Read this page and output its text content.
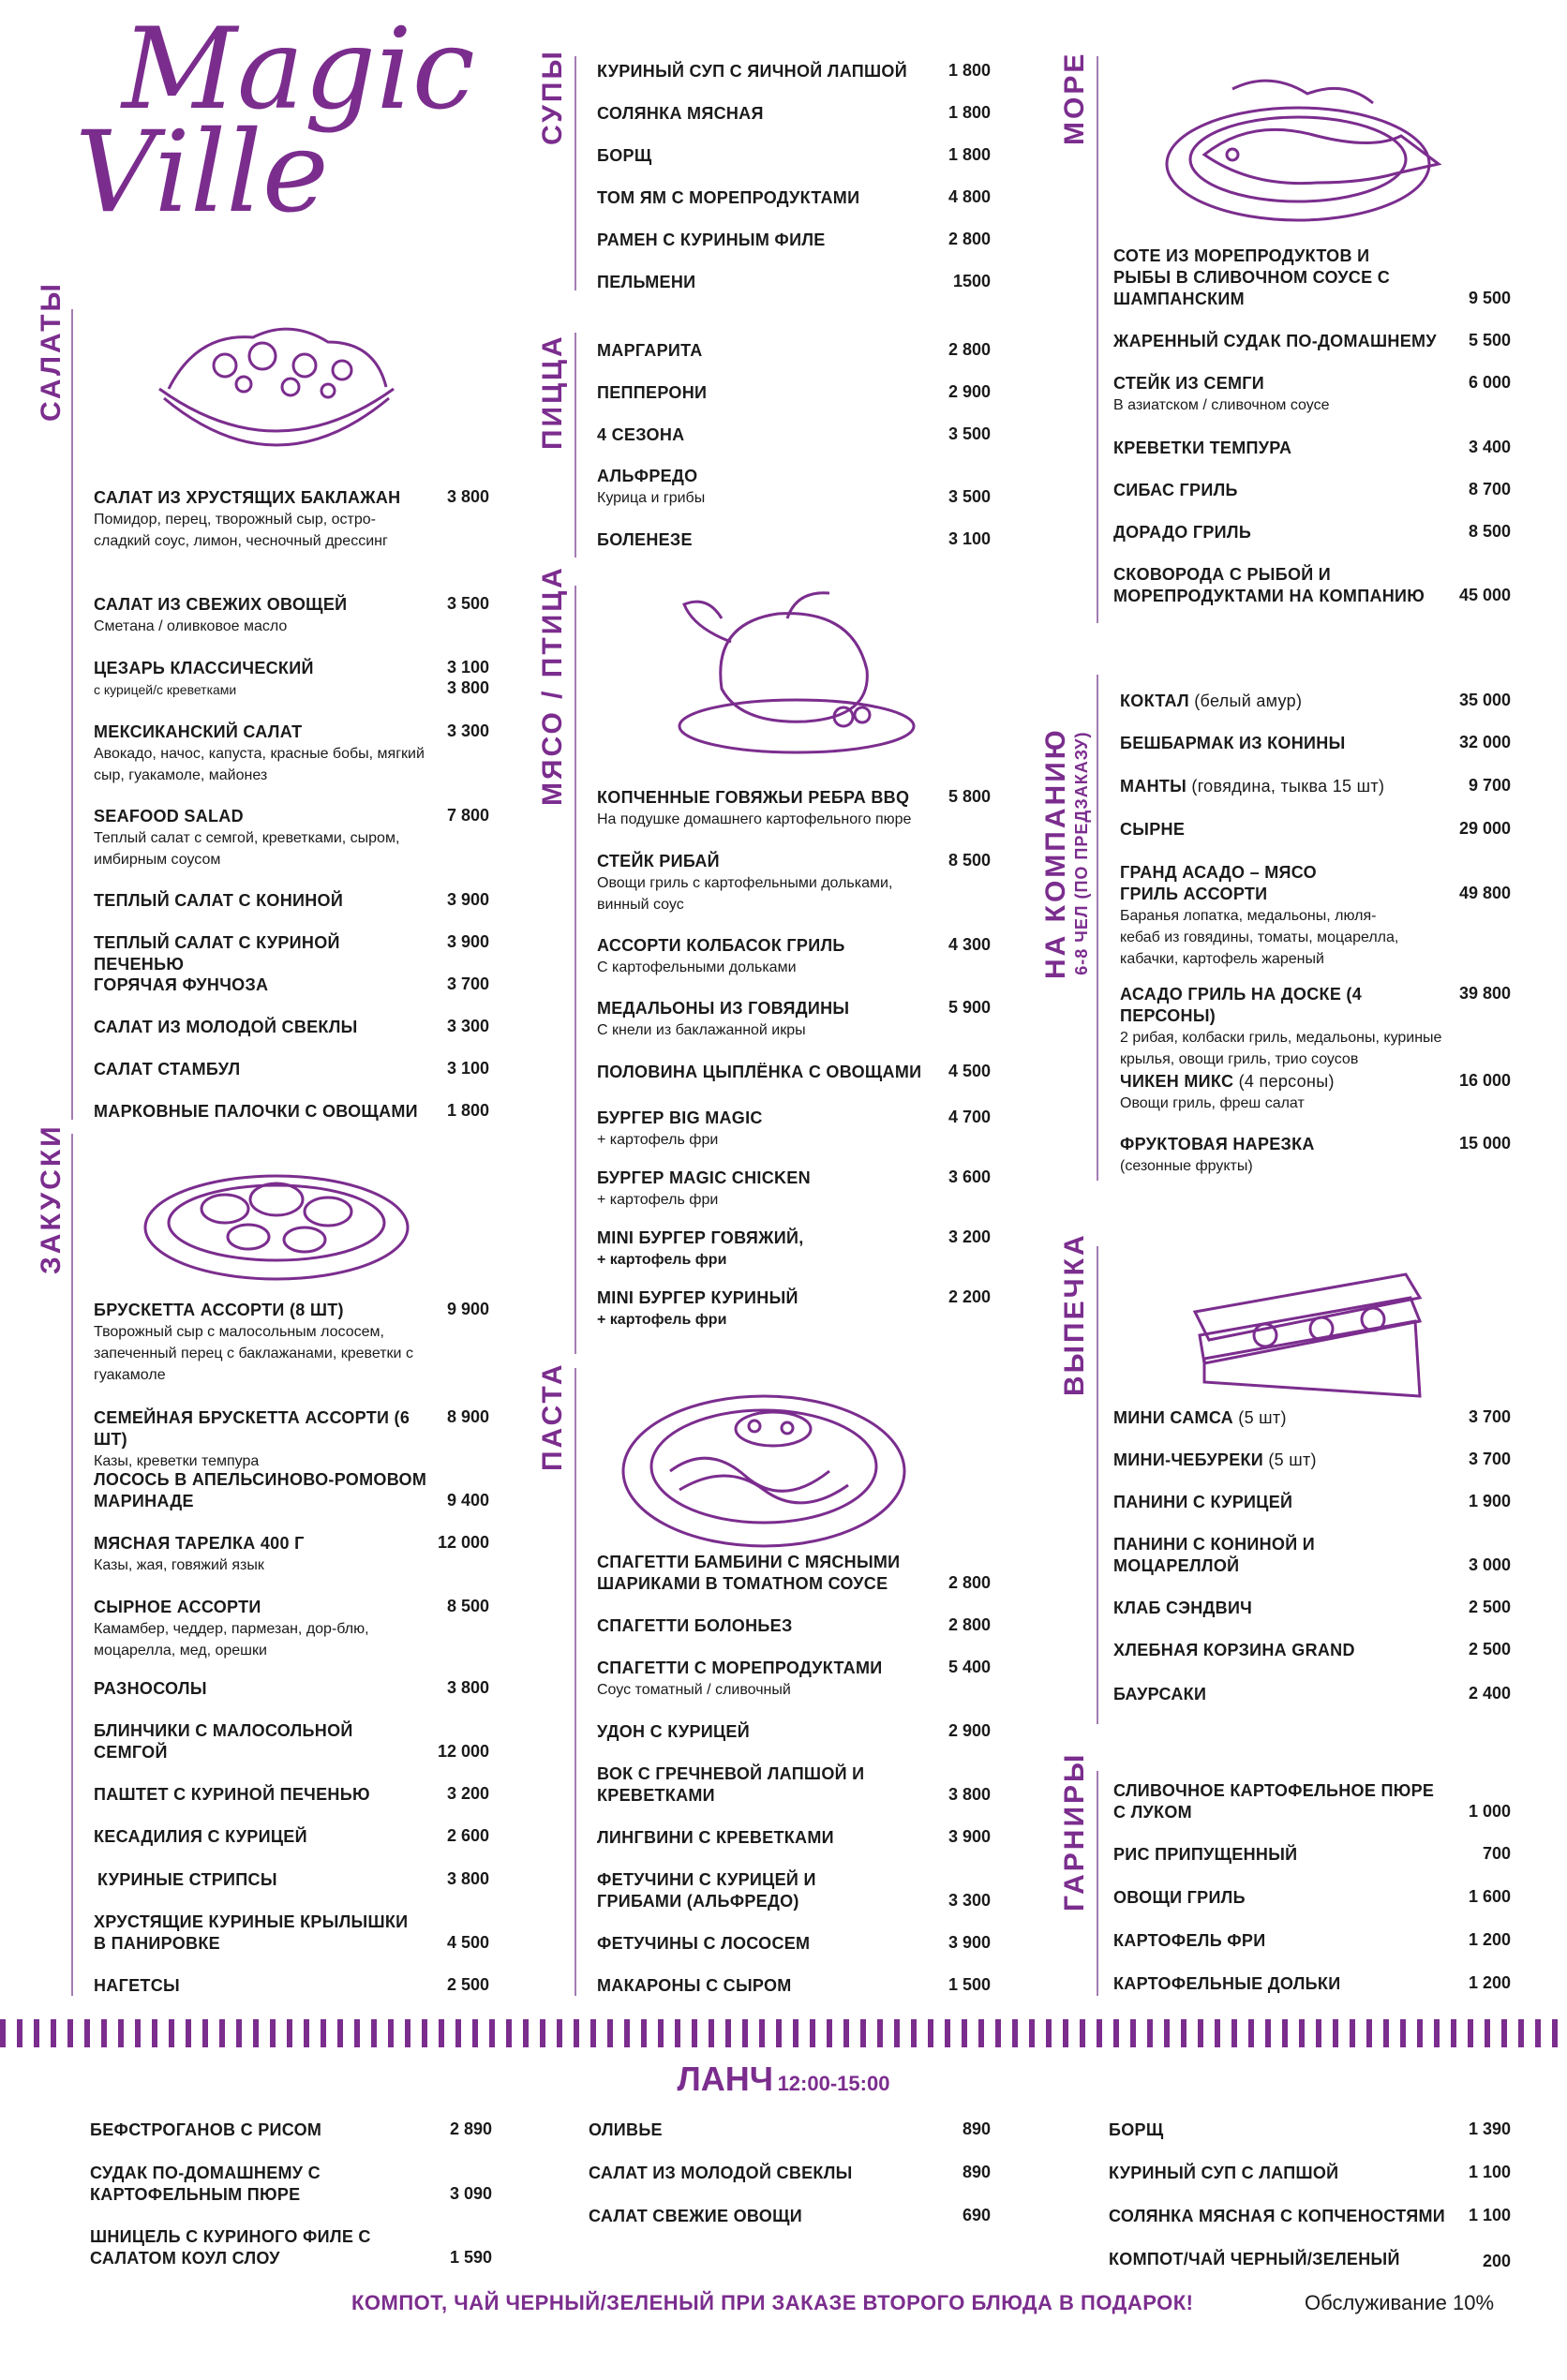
Magic
Ville
САЛАТЫ
ЗАКУСКИ
СУПЫ
ПИЦЦА
МЯСО / ПТИЦА
ПАСТА
МОРЕ
НА КОМПАНИЮ 6-8 ЧЕЛ (ПО ПРЕДЗАКАЗУ)
ВЫПЕЧКА
ГАРНИРЫ
САЛАТ ИЗ ХРУСТЯЩИХ БАКЛАЖАН
Помидор, перец, творожный сыр, остро-сладкий соус, лимон, чесночный дрессинг
3 800
САЛАТ ИЗ СВЕЖИХ ОВОЩЕЙ
Сметана / оливковое масло
3 500
ЦЕЗАРЬ КЛАССИЧЕСКИЙ
с курицей/с креветками
3 100
3 800
МЕКСИКАНСКИЙ САЛАТ
Авокадо, начос, капуста, красные бобы, мягкий сыр, гуакамоле, майонез
3 300
SEAFOOD SALAD
Теплый салат с семгой, креветками, сыром, имбирным соусом
7 800
ТЕПЛЫЙ САЛАТ С КОНИНОЙ	3 900
ТЕПЛЫЙ САЛАТ С КУРИНОЙ ПЕЧЕНЬЮ
3 900
ГОРЯЧАЯ ФУНЧОЗА	3 700
САЛАТ ИЗ МОЛОДОЙ СВЕКЛЫ	3 300
САЛАТ СТАМБУЛ	3 100
МАРКОВНЫЕ ПАЛОЧКИ С ОВОЩАМИ	1 800
БРУСКЕТТА АССОРТИ (8 ШТ)
Творожный сыр с малосольным лососем, запеченный перец с баклажанами, креветки с гуакамоле
9 900
СЕМЕЙНАЯ БРУСКЕТТА АССОРТИ (6 ШТ)
Казы, креветки темпура
8 900
ЛОСОСЬ В АПЕЛЬСИНОВО-РОМОВОМ МАРИНАДЕ	9 400
МЯСНАЯ ТАРЕЛКА 400 Г
Казы, жая, говяжий язык
12 000
СЫРНОЕ АССОРТИ
Камамбер, чеддер, пармезан, дор-блю, моцарелла, мед, орешки
8 500
РАЗНОСОЛЫ	3 800
БЛИНЧИКИ С МАЛОСОЛЬНОЙ СЕМГОЙ	12 000
ПАШТЕТ С КУРИНОЙ ПЕЧЕНЬЮ	3 200
КЕСАДИЛИЯ С КУРИЦЕЙ	2 600
КУРИНЫЕ СТРИПСЫ	3 800
ХРУСТЯЩИЕ КУРИНЫЕ КРЫЛЫШКИ В ПАНИРОВКЕ	4 500
НАГЕТСЫ	2 500
КУРИНЫЙ СУП С ЯИЧНОЙ ЛАПШОЙ	1 800
СОЛЯНКА МЯСНАЯ	1 800
БОРЩ	1 800
ТОМ ЯМ С МОРЕПРОДУКТАМИ	4 800
РАМЕН С КУРИНЫМ ФИЛЕ	2 800
ПЕЛЬМЕНИ	1500
МАРГАРИТА	2 800
ПЕППЕРОНИ	2 900
4 СЕЗОНА	3 500
АЛЬФРЕДО
Курица и грибы	3 500
БОЛЕНЕЗЕ	3 100
КОПЧЕННЫЕ ГОВЯЖЬИ РЕБРА BBQ
На подушке домашнего картофельного пюре
5 800
СТЕЙК РИБАЙ
Овощи гриль с картофельными дольками, винный соус
8 500
АССОРТИ КОЛБАСОК ГРИЛЬ
С картофельными дольками
4 300
МЕДАЛЬОНЫ ИЗ ГОВЯДИНЫ
С кнели из баклажанной икры
5 900
ПОЛОВИНА ЦЫПЛЁНКА С ОВОЩАМИ	4 500
БУРГЕР BIG MAGIC
+ картофель фри
4 700
БУРГЕР MAGIC CHICKEN
+ картофель фри
3 600
MINI БУРГЕР ГОВЯЖИЙ,
+ картофель фри
3 200
MINI БУРГЕР КУРИНЫЙ
+ картофель фри
2 200
СПАГЕТТИ БАМБИНИ С МЯСНЫМИ ШАРИКАМИ В ТОМАТНОМ СОУСЕ	2 800
СПАГЕТТИ БОЛОНЬЕЗ	2 800
СПАГЕТТИ С МОРЕПРОДУКТАМИ
Соус томатный / сливочный
5 400
УДОН С КУРИЦЕЙ	2 900
ВОК С ГРЕЧНЕВОЙ ЛАПШОЙ И КРЕВЕТКАМИ	3 800
ЛИНГВИНИ С КРЕВЕТКАМИ	3 900
ФЕТУЧИНИ С КУРИЦЕЙ И ГРИБАМИ (АЛЬФРЕДО)	3 300
ФЕТУЧИНЫ С ЛОСОСЕМ	3 900
МАКАРОНЫ С СЫРОМ	1 500
СОТЕ ИЗ МОРЕПРОДУКТОВ И РЫБЫ В СЛИВОЧНОМ СОУСЕ С ШАМПАНСКИМ	9 500
ЖАРЕННЫЙ СУДАК ПО-ДОМАШНЕМУ	5 500
СТЕЙК ИЗ СЕМГИ
В азиатском / сливочном соусе
6 000
КРЕВЕТКИ ТЕМПУРА	3 400
СИБАС ГРИЛЬ	8 700
ДОРАДО ГРИЛЬ	8 500
СКОВОРОДА С РЫБОЙ И МОРЕПРОДУКТАМИ НА КОМПАНИЮ	45 000
КОКТАЛ (белый амур)	35 000
БЕШБАРМАК ИЗ КОНИНЫ	32 000
МАНТЫ (говядина, тыква 15 шт)	9 700
СЫРНЕ	29 000
ГРАНД АСАДО – МЯСО ГРИЛЬ АССОРТИ
Баранья лопатка, медальоны, люля-кебаб из говядины, томаты, моцарелла, кабачки, картофель жареный
49 800
АСАДО ГРИЛЬ НА ДОСКЕ (4 ПЕРСОНЫ)
2 рибая, колбаски гриль, медальоны, куриные крылья, овощи гриль, трио соусов
39 800
ЧИКЕН МИКС (4 персоны)
Овощи гриль, фреш салат
16 000
ФРУКТОВАЯ НАРЕЗКА
(сезонные фрукты)
15 000
МИНИ САМСА (5 шт)	3 700
МИНИ-ЧЕБУРЕКИ (5 шт)	3 700
ПАНИНИ С КУРИЦЕЙ	1 900
ПАНИНИ С КОНИНОЙ И МОЦАРЕЛЛОЙ	3 000
КЛАБ СЭНДВИЧ	2 500
ХЛЕБНАЯ КОРЗИНА GRAND	2 500
БАУРСАКИ	2 400
СЛИВОЧНОЕ КАРТОФЕЛЬНОЕ ПЮРЕ С ЛУКОМ	1 000
РИС ПРИПУЩЕННЫЙ	700
ОВОЩИ ГРИЛЬ	1 600
КАРТОФЕЛЬ ФРИ	1 200
КАРТОФЕЛЬНЫЕ ДОЛЬКИ	1 200
ЛАНЧ 12:00-15:00
БЕФСТРОГАНОВ С РИСОМ	2 890
СУДАК ПО-ДОМАШНЕМУ С КАРТОФЕЛЬНЫМ ПЮРЕ	3 090
ШНИЦЕЛЬ С КУРИНОГО ФИЛЕ С САЛАТОМ КОУЛ СЛОУ	1 590
ОЛИВЬЕ	890
САЛАТ ИЗ МОЛОДОЙ СВЕКЛЫ	890
САЛАТ СВЕЖИЕ ОВОЩИ	690
БОРЩ	1 390
КУРИНЫЙ СУП С ЛАПШОЙ	1 100
СОЛЯНКА МЯСНАЯ С КОПЧЕНОСТЯМИ	1 100
КОМПОТ/ЧАЙ ЧЕРНЫЙ/ЗЕЛЕНЫЙ	200
КОМПОТ, ЧАЙ ЧЕРНЫЙ/ЗЕЛЕНЫЙ ПРИ ЗАКАЗЕ ВТОРОГО БЛЮДА В ПОДАРОК!	Обслуживание 10%
